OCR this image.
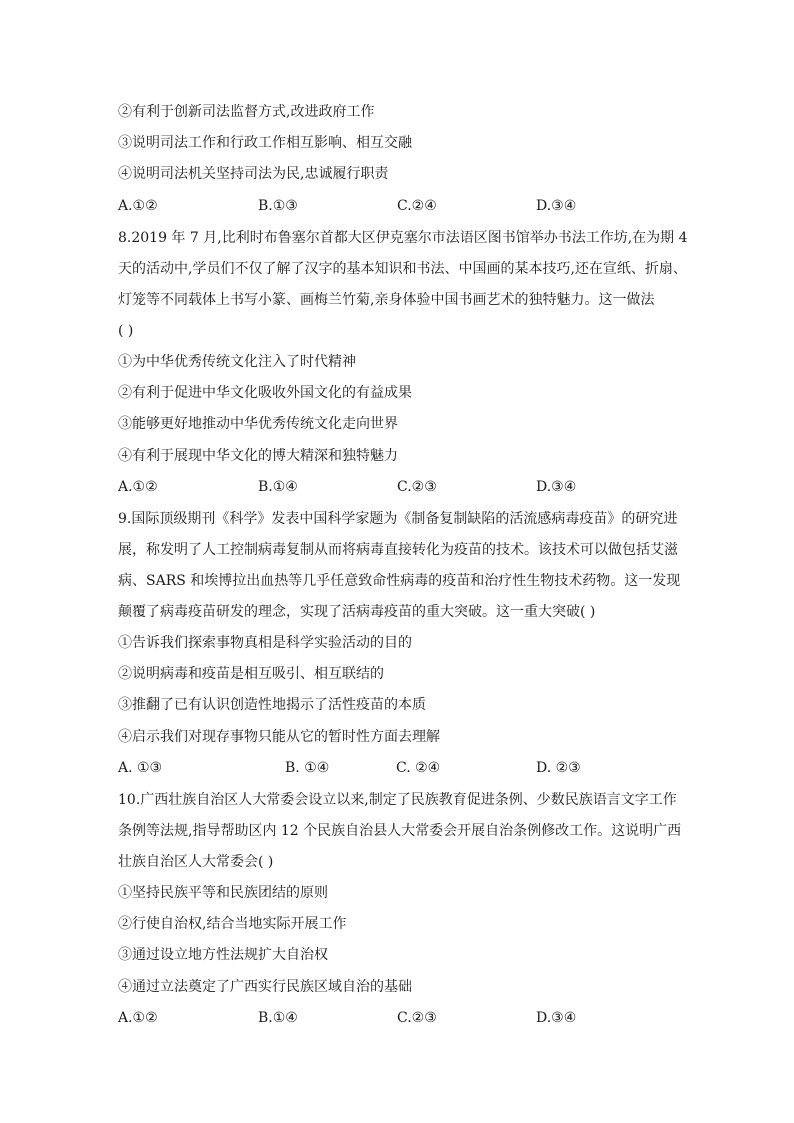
②有利于创新司法监督方式,改进政府工作
③说明司法工作和行政工作相互影响、相互交融
④说明司法机关坚持司法为民,忠诚履行职责
A.①②	B.①③	C.②④	D.③④
8.2019 年 7 月,比利时布鲁塞尔首都大区伊克塞尔市法语区图书馆举办书法工作坊,在为期 4
天的活动中,学员们不仅了解了汉字的基本知识和书法、中国画的某本技巧,还在宣纸、折扇、
灯笼等不同载体上书写小篆、画梅兰竹菊,亲身体验中国书画艺术的独特魅力。这一做法
( )
①为中华优秀传统文化注入了时代精神
②有利于促进中华文化吸收外国文化的有益成果
③能够更好地推动中华优秀传统文化走向世界
④有利于展现中华文化的博大精深和独特魅力
A.①②	B.①④	C.②③	D.③④
9.国际顶级期刊《科学》发表中国科学家题为《制备复制缺陷的活流感病毒疫苗》的研究进
展，称发明了人工控制病毒复制从而将病毒直接转化为疫苗的技术。该技术可以做包括艾滋
病、SARS 和埃博拉出血热等几乎任意致命性病毒的疫苗和治疗性生物技术药物。这一发现
颠覆了病毒疫苗研发的理念，实现了活病毒疫苗的重大突破。这一重大突破( )
①告诉我们探索事物真相是科学实验活动的目的
②说明病毒和疫苗是相互吸引、相互联结的
③推翻了已有认识创造性地揭示了活性疫苗的本质
④启示我们对现存事物只能从它的暂时性方面去理解
A. ①③	B. ①④	C. ②④	D. ②③
10.广西壮族自治区人大常委会设立以来,制定了民族教育促进条例、少数民族语言文字工作
条例等法规,指导帮助区内 12 个民族自治县人大常委会开展自治条例修改工作。这说明广西
壮族自治区人大常委会( )
①坚持民族平等和民族团结的原则
②行使自治权,结合当地实际开展工作
③通过设立地方性法规扩大自治权
④通过立法奠定了广西实行民族区域自治的基础
A.①②	B.①④	C.②③	D.③④
